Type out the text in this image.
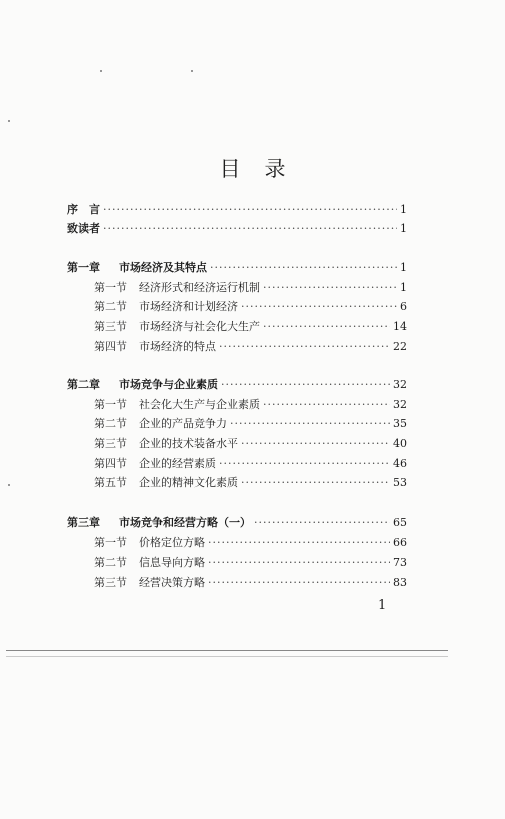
目录
序　言 ·····	1
致读者 ·····	1
第一章 市场经济及其特点 ·····	1
第一节 经济形式和经济运行机制 ·····	1
第二节 市场经济和计划经济 ·····	6
第三节 市场经济与社会化大生产 ·····	14
第四节 市场经济的特点 ·····	22
第二章 市场竞争与企业素质 ·····	32
第一节 社会化大生产与企业素质 ·····	32
第二节 企业的产品竞争力 ·····	35
第三节 企业的技术装备水平 ·····	40
第四节 企业的经营素质 ·····	46
第五节 企业的精神文化素质 ·····	53
第三章 市场竞争和经营方略（一） ·····	65
第一节 价格定位方略 ·····	66
第二节 信息导向方略 ·····	73
第三节 经营决策方略 ·····	83
1
